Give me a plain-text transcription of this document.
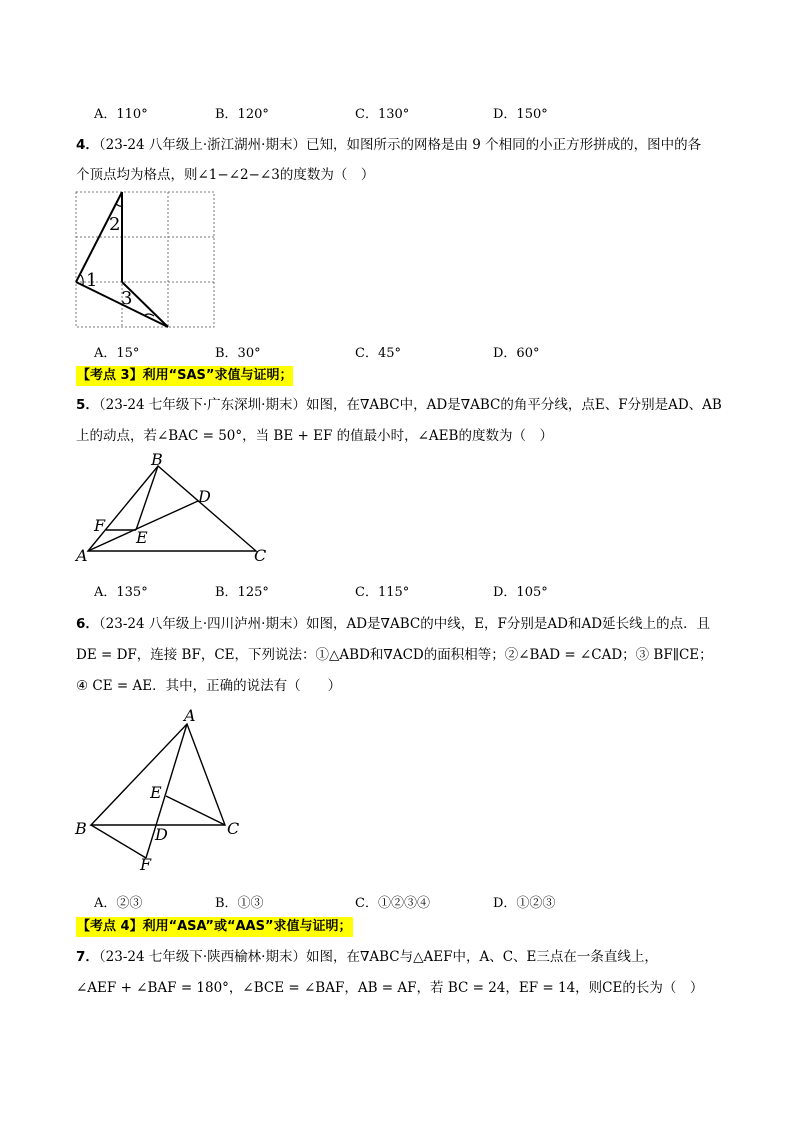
A．110°	B．120°	C．130°	D．150°
4．（23-24 八年级上·浙江湖州·期末）已知，如图所示的网格是由 9 个相同的小正方形拼成的，图中的各
个顶点均为格点，则∠1−∠2−∠3的度数为（　）
2
1
3
A．15°	B．30°	C．45°	D．60°
【考点 3】利用“SAS”求值与证明；
5．（23-24 七年级下·广东深圳·期末）如图，在∇ABC中，AD是∇ABC的角平分线，点E、F分别是AD、AB
上的动点，若∠BAC = 50°，当 BE + EF 的值最小时，∠AEB的度数为（　）
B
D
F
E
A	C
A．135°	B．125°	C．115°	D．105°
6．（23-24 八年级上·四川泸州·期末）如图，AD是∇ABC的中线，E，F分别是AD和AD延长线上的点．且
DE = DF，连接 BF，CE，下列说法：①△ABD和∇ACD的面积相等；②∠BAD = ∠CAD；③ BF∥CE；
④ CE = AE．其中，正确的说法有（　　）
A
E
B	D	C
F
A．②③	B．①③	C．①②③④	D．①②③
【考点 4】利用“ASA”或“AAS”求值与证明；
7．（23-24 七年级下·陕西榆林·期末）如图，在∇ABC与△AEF中，A、C、E三点在一条直线上，
∠AEF + ∠BAF = 180°，∠BCE = ∠BAF，AB = AF，若 BC = 24，EF = 14，则CE的长为（　）
